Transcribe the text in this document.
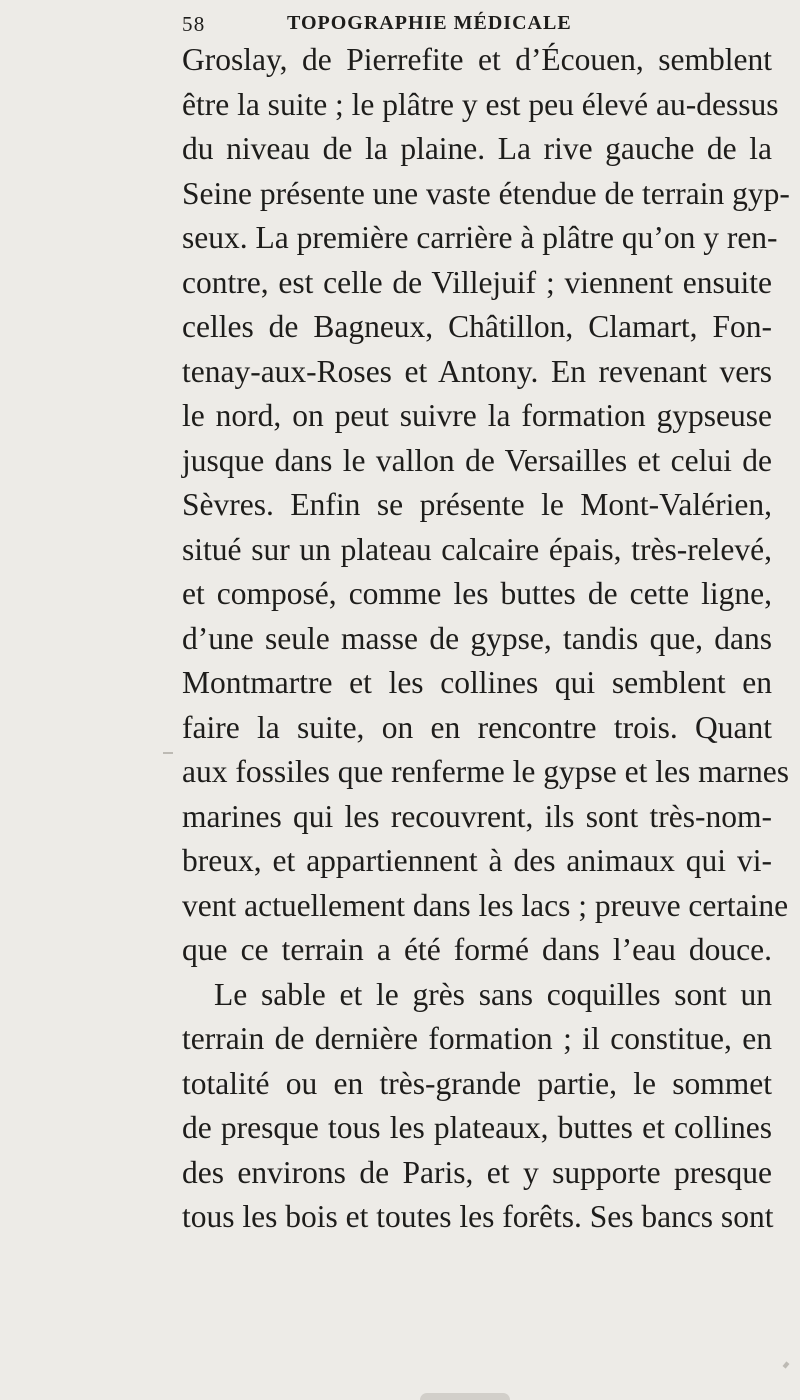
58	TOPOGRAPHIE MÉDICALE
Groslay, de Pierrefite et d’Écouen, semblent
être la suite ; le plâtre y est peu élevé au-dessus
du niveau de la plaine. La rive gauche de la
Seine présente une vaste étendue de terrain gyp-
seux. La première carrière à plâtre qu’on y ren-
contre, est celle de Villejuif ; viennent ensuite
celles de Bagneux, Châtillon, Clamart, Fon-
tenay-aux-Roses et Antony. En revenant vers
le nord, on peut suivre la formation gypseuse
jusque dans le vallon de Versailles et celui de
Sèvres. Enfin se présente le Mont-Valérien,
situé sur un plateau calcaire épais, très-relevé,
et composé, comme les buttes de cette ligne,
d’une seule masse de gypse, tandis que, dans
Montmartre et les collines qui semblent en
faire la suite, on en rencontre trois. Quant
aux fossiles que renferme le gypse et les marnes
marines qui les recouvrent, ils sont très-nom-
breux, et appartiennent à des animaux qui vi-
vent actuellement dans les lacs ; preuve certaine
que ce terrain a été formé dans l’eau douce.
Le sable et le grès sans coquilles sont un
terrain de dernière formation ; il constitue, en
totalité ou en très-grande partie, le sommet
de presque tous les plateaux, buttes et collines
des environs de Paris, et y supporte presque
tous les bois et toutes les forêts. Ses bancs sont
